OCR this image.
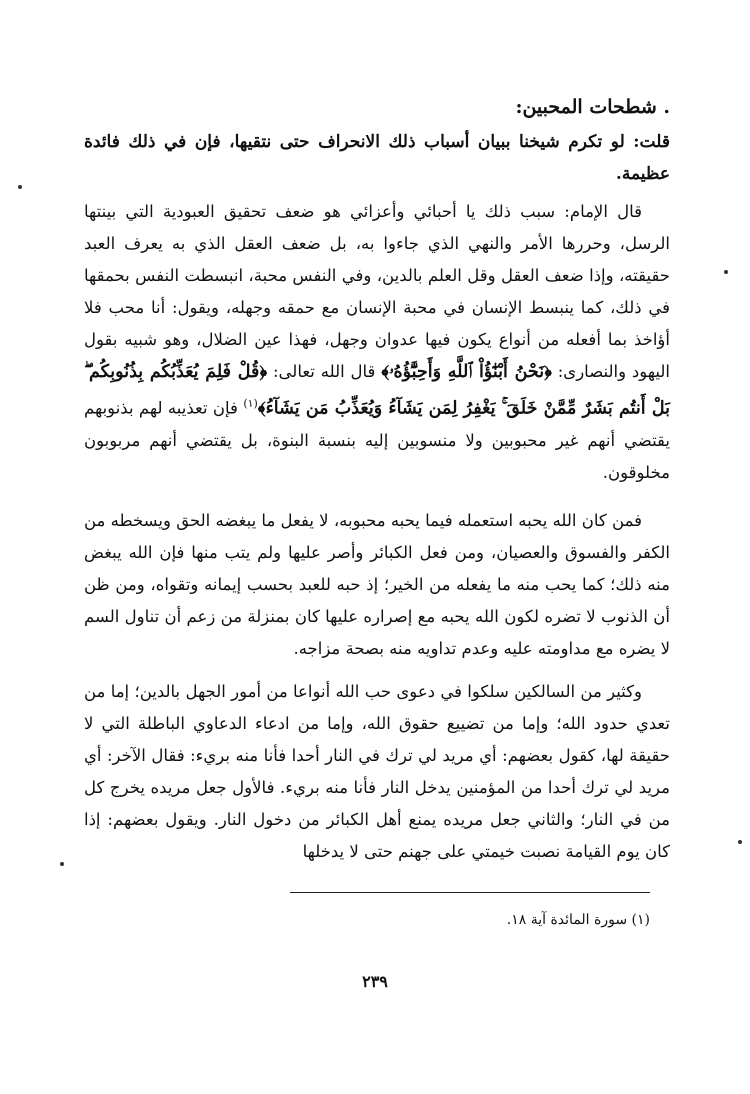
. شطحات المحبين:
قلت: لو تكرم شيخنا ببيان أسباب ذلك الانحراف حتى نتقيها، فإن في ذلك فائدة عظيمة.

قال الإمام: سبب ذلك يا أحبائي وأعزائي هو ضعف تحقيق العبودية التي بينتها الرسل، وحررها الأمر والنهي الذي جاءوا به، بل ضعف العقل الذي به يعرف العبد حقيقته، وإذا ضعف العقل وقل العلم بالدين، وفي النفس محبة، انبسطت النفس بحمقها في ذلك، كما ينبسط الإنسان في محبة الإنسان مع حمقه وجهله، ويقول: أنا محب فلا أؤاخذ بما أفعله من أنواع يكون فيها عدوان وجهل، فهذا عين الضلال، وهو شبيه بقول اليهود والنصارى: ﴿نَحْنُ أَبْنَٰٓؤُاْ ٱللَّهِ وَأَحِبَّٰٓؤُهُۥ﴾ قال الله تعالى: ﴿قُلْ فَلِمَ يُعَذِّبُكُم بِذُنُوبِكُم ۖ بَلْ أَنتُم بَشَرٌ مِّمَّنْ خَلَقَ ۚ يَغْفِرُ لِمَن يَشَآءُ وَيُعَذِّبُ مَن يَشَآءُ﴾$^{(١)}$ فإن تعذيبه لهم بذنوبهم يقتضي أنهم غير محبوبين ولا منسوبين إليه بنسبة البنوة، بل يقتضي أنهم مربوبون مخلوقون.

فمن كان الله يحبه استعمله فيما يحبه محبوبه، لا يفعل ما يبغضه الحق ويسخطه من الكفر والفسوق والعصيان، ومن فعل الكبائر وأصر عليها ولم يتب منها فإن الله يبغض منه ذلك؛ كما يحب منه ما يفعله من الخير؛ إذ حبه للعبد بحسب إيمانه وتقواه، ومن ظن أن الذنوب لا تضره لكون الله يحبه مع إصراره عليها كان بمنزلة من زعم أن تناول السم لا يضره مع مداومته عليه وعدم تداويه منه بصحة مزاجه.

وكثير من السالكين سلكوا في دعوى حب الله أنواعا من أمور الجهل بالدين؛ إما من تعدي حدود الله؛ وإما من تضييع حقوق الله، وإما من ادعاء الدعاوي الباطلة التي لا حقيقة لها، كقول بعضهم: أي مريد لي ترك في النار أحدا فأنا منه بريء: فقال الآخر: أي مريد لي ترك أحدا من المؤمنين يدخل النار فأنا منه بريء. فالأول جعل مريده يخرج كل من في النار؛ والثاني جعل مريده يمنع أهل الكبائر من دخول النار. ويقول بعضهم: إذا كان يوم القيامة نصبت خيمتي على جهنم حتى لا يدخلها

(١) سورة المائدة آية ١٨.
٢٣٩
